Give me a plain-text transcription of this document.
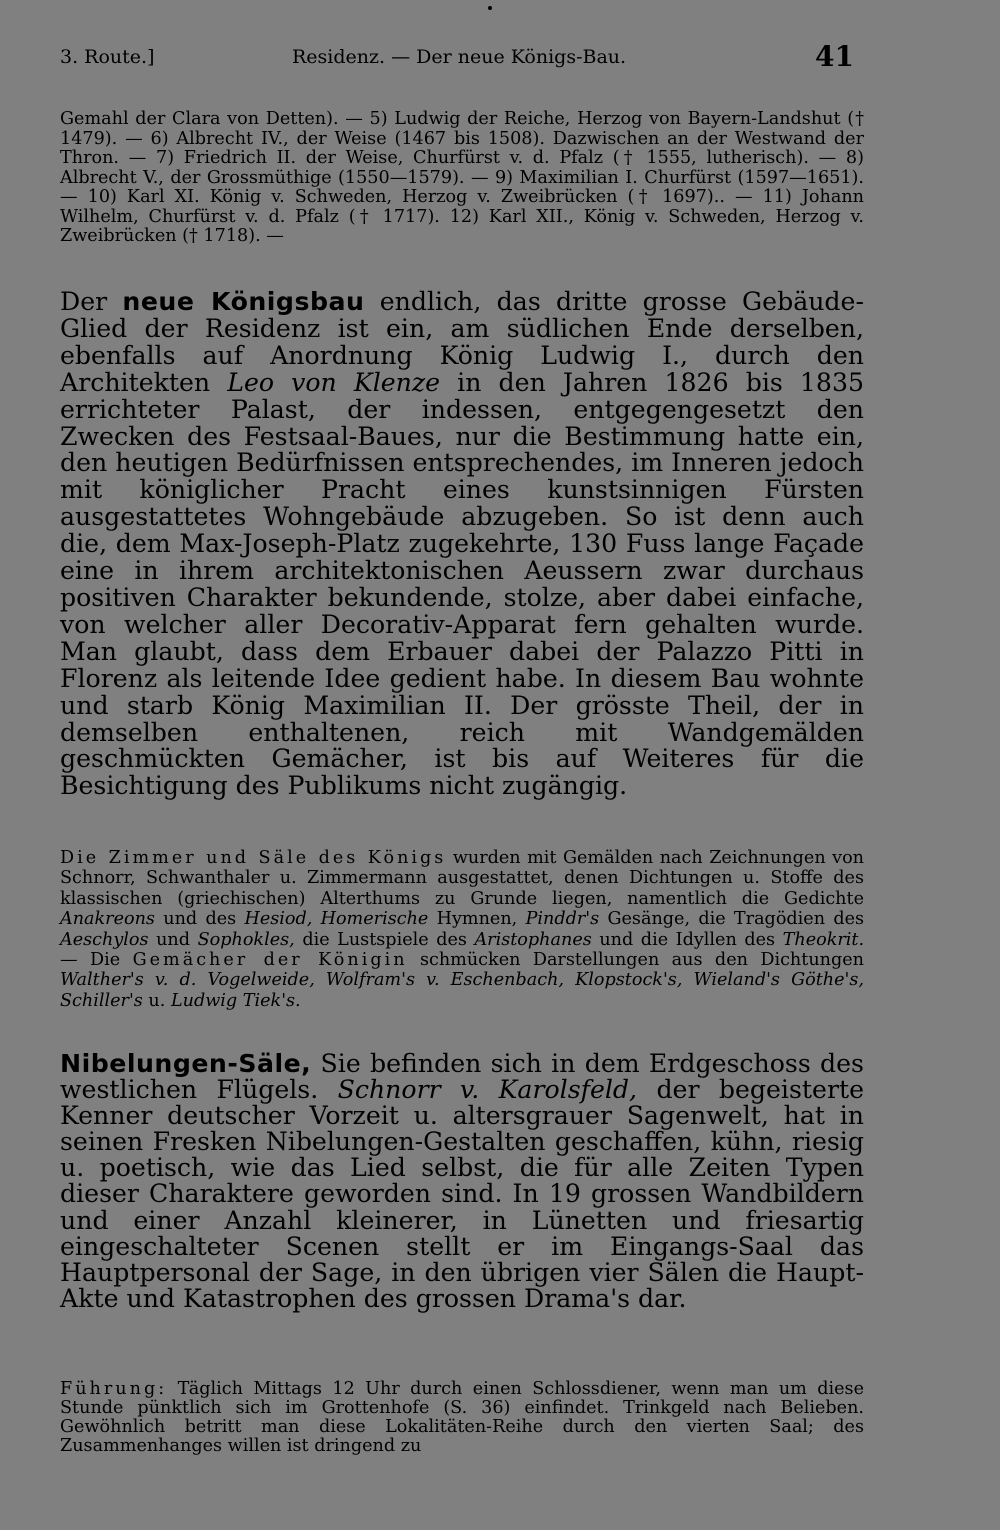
3. Route.]	Residenz. — Der neue Königs-Bau.	41

Gemahl der Clara von Detten). — 5) Ludwig der Reiche, Herzog von Bayern-Landshut († 1479). — 6) Albrecht IV., der Weise (1467 bis 1508). Dazwischen an der Westwand der Thron. — 7) Friedrich II. der Weise, Churfürst v. d. Pfalz († 1555, lutherisch). — 8) Albrecht V., der Grossmüthige (1550—1579). — 9) Maximilian I. Churfürst (1597—1651). — 10) Karl XI. König v. Schweden, Herzog v. Zweibrücken († 1697).. — 11) Johann Wilhelm, Churfürst v. d. Pfalz († 1717). 12) Karl XII., König v. Schweden, Herzog v. Zweibrücken († 1718). —

Der neue Königsbau endlich, das dritte grosse Gebäude-Glied der Residenz ist ein, am südlichen Ende derselben, ebenfalls auf Anordnung König Ludwig I., durch den Architekten Leo von Klenze in den Jahren 1826 bis 1835 errichteter Palast, der indessen, entgegengesetzt den Zwecken des Festsaal-Baues, nur die Bestimmung hatte ein, den heutigen Bedürfnissen entsprechendes, im Inneren jedoch mit königlicher Pracht eines kunstsinnigen Fürsten ausgestattetes Wohngebäude abzugeben. So ist denn auch die, dem Max-Joseph-Platz zugekehrte, 130 Fuss lange Façade eine in ihrem architektonischen Aeussern zwar durchaus positiven Charakter bekundende, stolze, aber dabei einfache, von welcher aller Decorativ-Apparat fern gehalten wurde. Man glaubt, dass dem Erbauer dabei der Palazzo Pitti in Florenz als leitende Idee gedient habe. In diesem Bau wohnte und starb König Maximilian II. Der grösste Theil, der in demselben enthaltenen, reich mit Wandgemälden geschmückten Gemächer, ist bis auf Weiteres für die Besichtigung des Publikums nicht zugängig.

Die Zimmer und Säle des Königs wurden mit Gemälden nach Zeichnungen von Schnorr, Schwanthaler u. Zimmermann ausgestattet, denen Dichtungen u. Stoffe des klassischen (griechischen) Alterthums zu Grunde liegen, namentlich die Gedichte Anakreons und des Hesiod, Homerische Hymnen, Pinddr's Gesänge, die Tragödien des Aeschylos und Sophokles, die Lustspiele des Aristophanes und die Idyllen des Theokrit. — Die Gemächer der Königin schmücken Darstellungen aus den Dichtungen Walther's v. d. Vogelweide, Wolfram's v. Eschenbach, Klopstock's, Wieland's Göthe's, Schiller's u. Ludwig Tiek's.

Nibelungen-Säle, Sie befinden sich in dem Erdgeschoss des westlichen Flügels. Schnorr v. Karolsfeld, der begeisterte Kenner deutscher Vorzeit u. altersgrauer Sagenwelt, hat in seinen Fresken Nibelungen-Gestalten geschaffen, kühn, riesig u. poetisch, wie das Lied selbst, die für alle Zeiten Typen dieser Charaktere geworden sind. In 19 grossen Wandbildern und einer Anzahl kleinerer, in Lünetten und friesartig eingeschalteter Scenen stellt er im Eingangs-Saal das Hauptpersonal der Sage, in den übrigen vier Sälen die Haupt-Akte und Katastrophen des grossen Drama's dar.

Führung: Täglich Mittags 12 Uhr durch einen Schlossdiener, wenn man um diese Stunde pünktlich sich im Grottenhofe (S. 36) einfindet. Trinkgeld nach Belieben. Gewöhnlich betritt man diese Lokalitäten-Reihe durch den vierten Saal; des Zusammenhanges willen ist dringend zu
